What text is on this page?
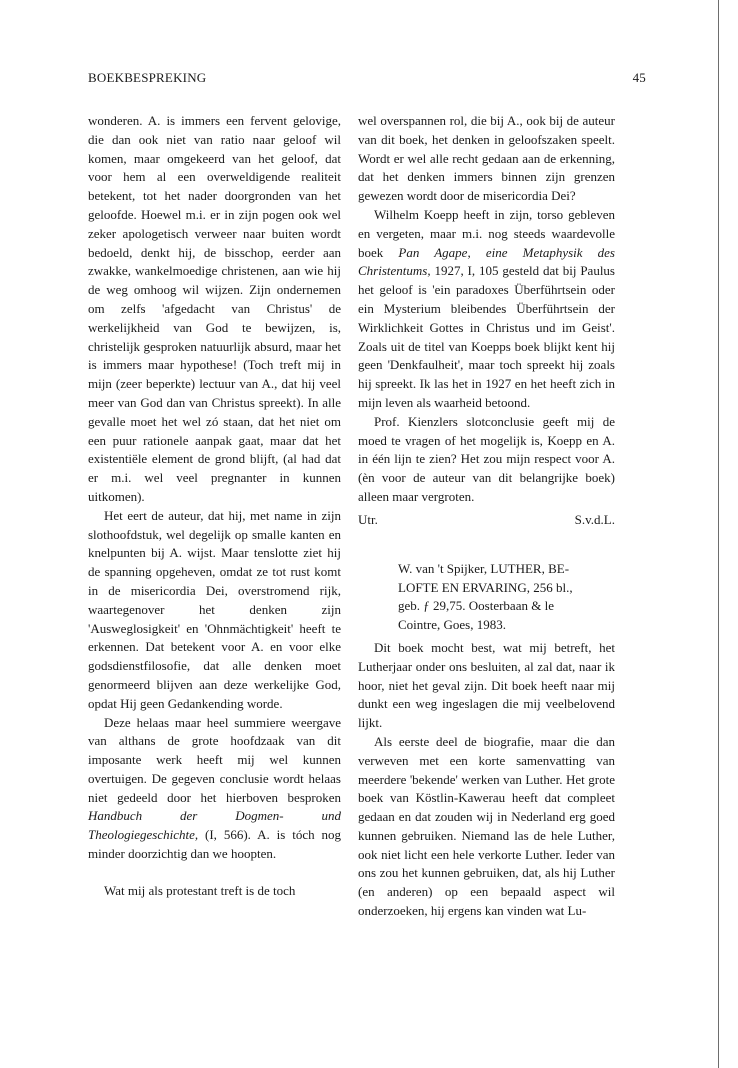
BOEKBESPREKING	45

wonderen. A. is immers een fervent gelovige, die dan ook niet van ratio naar geloof wil komen, maar omgekeerd van het geloof, dat voor hem al een overweldigende realiteit betekent, tot het nader doorgronden van het geloofde. Hoewel m.i. er in zijn pogen ook wel zeker apologetisch verweer naar buiten wordt bedoeld, denkt hij, de bisschop, eerder aan zwakke, wankelmoedige christenen, aan wie hij de weg omhoog wil wijzen. Zijn ondernemen om zelfs 'afgedacht van Christus' de werkelijkheid van God te bewijzen, is, christelijk gesproken natuurlijk absurd, maar het is immers maar hypothese! (Toch treft mij in mijn (zeer beperkte) lectuur van A., dat hij veel meer van God dan van Christus spreekt). In alle gevalle moet het wel zó staan, dat het niet om een puur rationele aanpak gaat, maar dat het existentiële element de grond blijft, (al had dat er m.i. wel veel pregnanter in kunnen uitkomen).

Het eert de auteur, dat hij, met name in zijn slothoofdstuk, wel degelijk op smalle kanten en knelpunten bij A. wijst. Maar tenslotte ziet hij de spanning opgeheven, omdat ze tot rust komt in de misericordia Dei, overstromend rijk, waartegenover het denken zijn 'Ausweglosigkeit' en 'Ohnmächtigkeit' heeft te erkennen. Dat betekent voor A. en voor elke godsdienstfilosofie, dat alle denken moet genormeerd blijven aan deze werkelijke God, opdat Hij geen Gedankending worde.

Deze helaas maar heel summiere weergave van althans de grote hoofdzaak van dit imposante werk heeft mij wel kunnen overtuigen. De gegeven conclusie wordt helaas niet gedeeld door het hierboven besproken Handbuch der Dogmen- und Theologiegeschichte, (I, 566). A. is tóch nog minder doorzichtig dan we hoopten.

Wat mij als protestant treft is de toch

wel overspannen rol, die bij A., ook bij de auteur van dit boek, het denken in geloofszaken speelt. Wordt er wel alle recht gedaan aan de erkenning, dat het denken immers binnen zijn grenzen gewezen wordt door de misericordia Dei?

Wilhelm Koepp heeft in zijn, torso gebleven en vergeten, maar m.i. nog steeds waardevolle boek Pan Agape, eine Metaphysik des Christentums, 1927, I, 105 gesteld dat bij Paulus het geloof is 'ein paradoxes Überführtsein oder ein Mysterium bleibendes Überführtsein der Wirklichkeit Gottes in Christus und im Geist'. Zoals uit de titel van Koepps boek blijkt kent hij geen 'Denkfaulheit', maar toch spreekt hij zoals hij spreekt. Ik las het in 1927 en het heeft zich in mijn leven als waarheid betoond.

Prof. Kienzlers slotconclusie geeft mij de moed te vragen of het mogelijk is, Koepp en A. in één lijn te zien? Het zou mijn respect voor A. (èn voor de auteur van dit belangrijke boek) alleen maar vergroten.

Utr.	S.v.d.L.
W. van 't Spijker, LUTHER, BE-
LOFTE EN ERVARING, 256 bl.,
geb. ƒ 29,75. Oosterbaan & le
Cointre, Goes, 1983.

Dit boek mocht best, wat mij betreft, het Lutherjaar onder ons besluiten, al zal dat, naar ik hoor, niet het geval zijn. Dit boek heeft naar mij dunkt een weg ingeslagen die mij veelbelovend lijkt.

Als eerste deel de biografie, maar die dan verweven met een korte samenvatting van meerdere 'bekende' werken van Luther. Het grote boek van Köstlin-Kawerau heeft dat compleet gedaan en dat zouden wij in Nederland erg goed kunnen gebruiken. Niemand las de hele Luther, ook niet licht een hele verkorte Luther. Ieder van ons zou het kunnen gebruiken, dat, als hij Luther (en anderen) op een bepaald aspect wil onderzoeken, hij ergens kan vinden wat Lu-
